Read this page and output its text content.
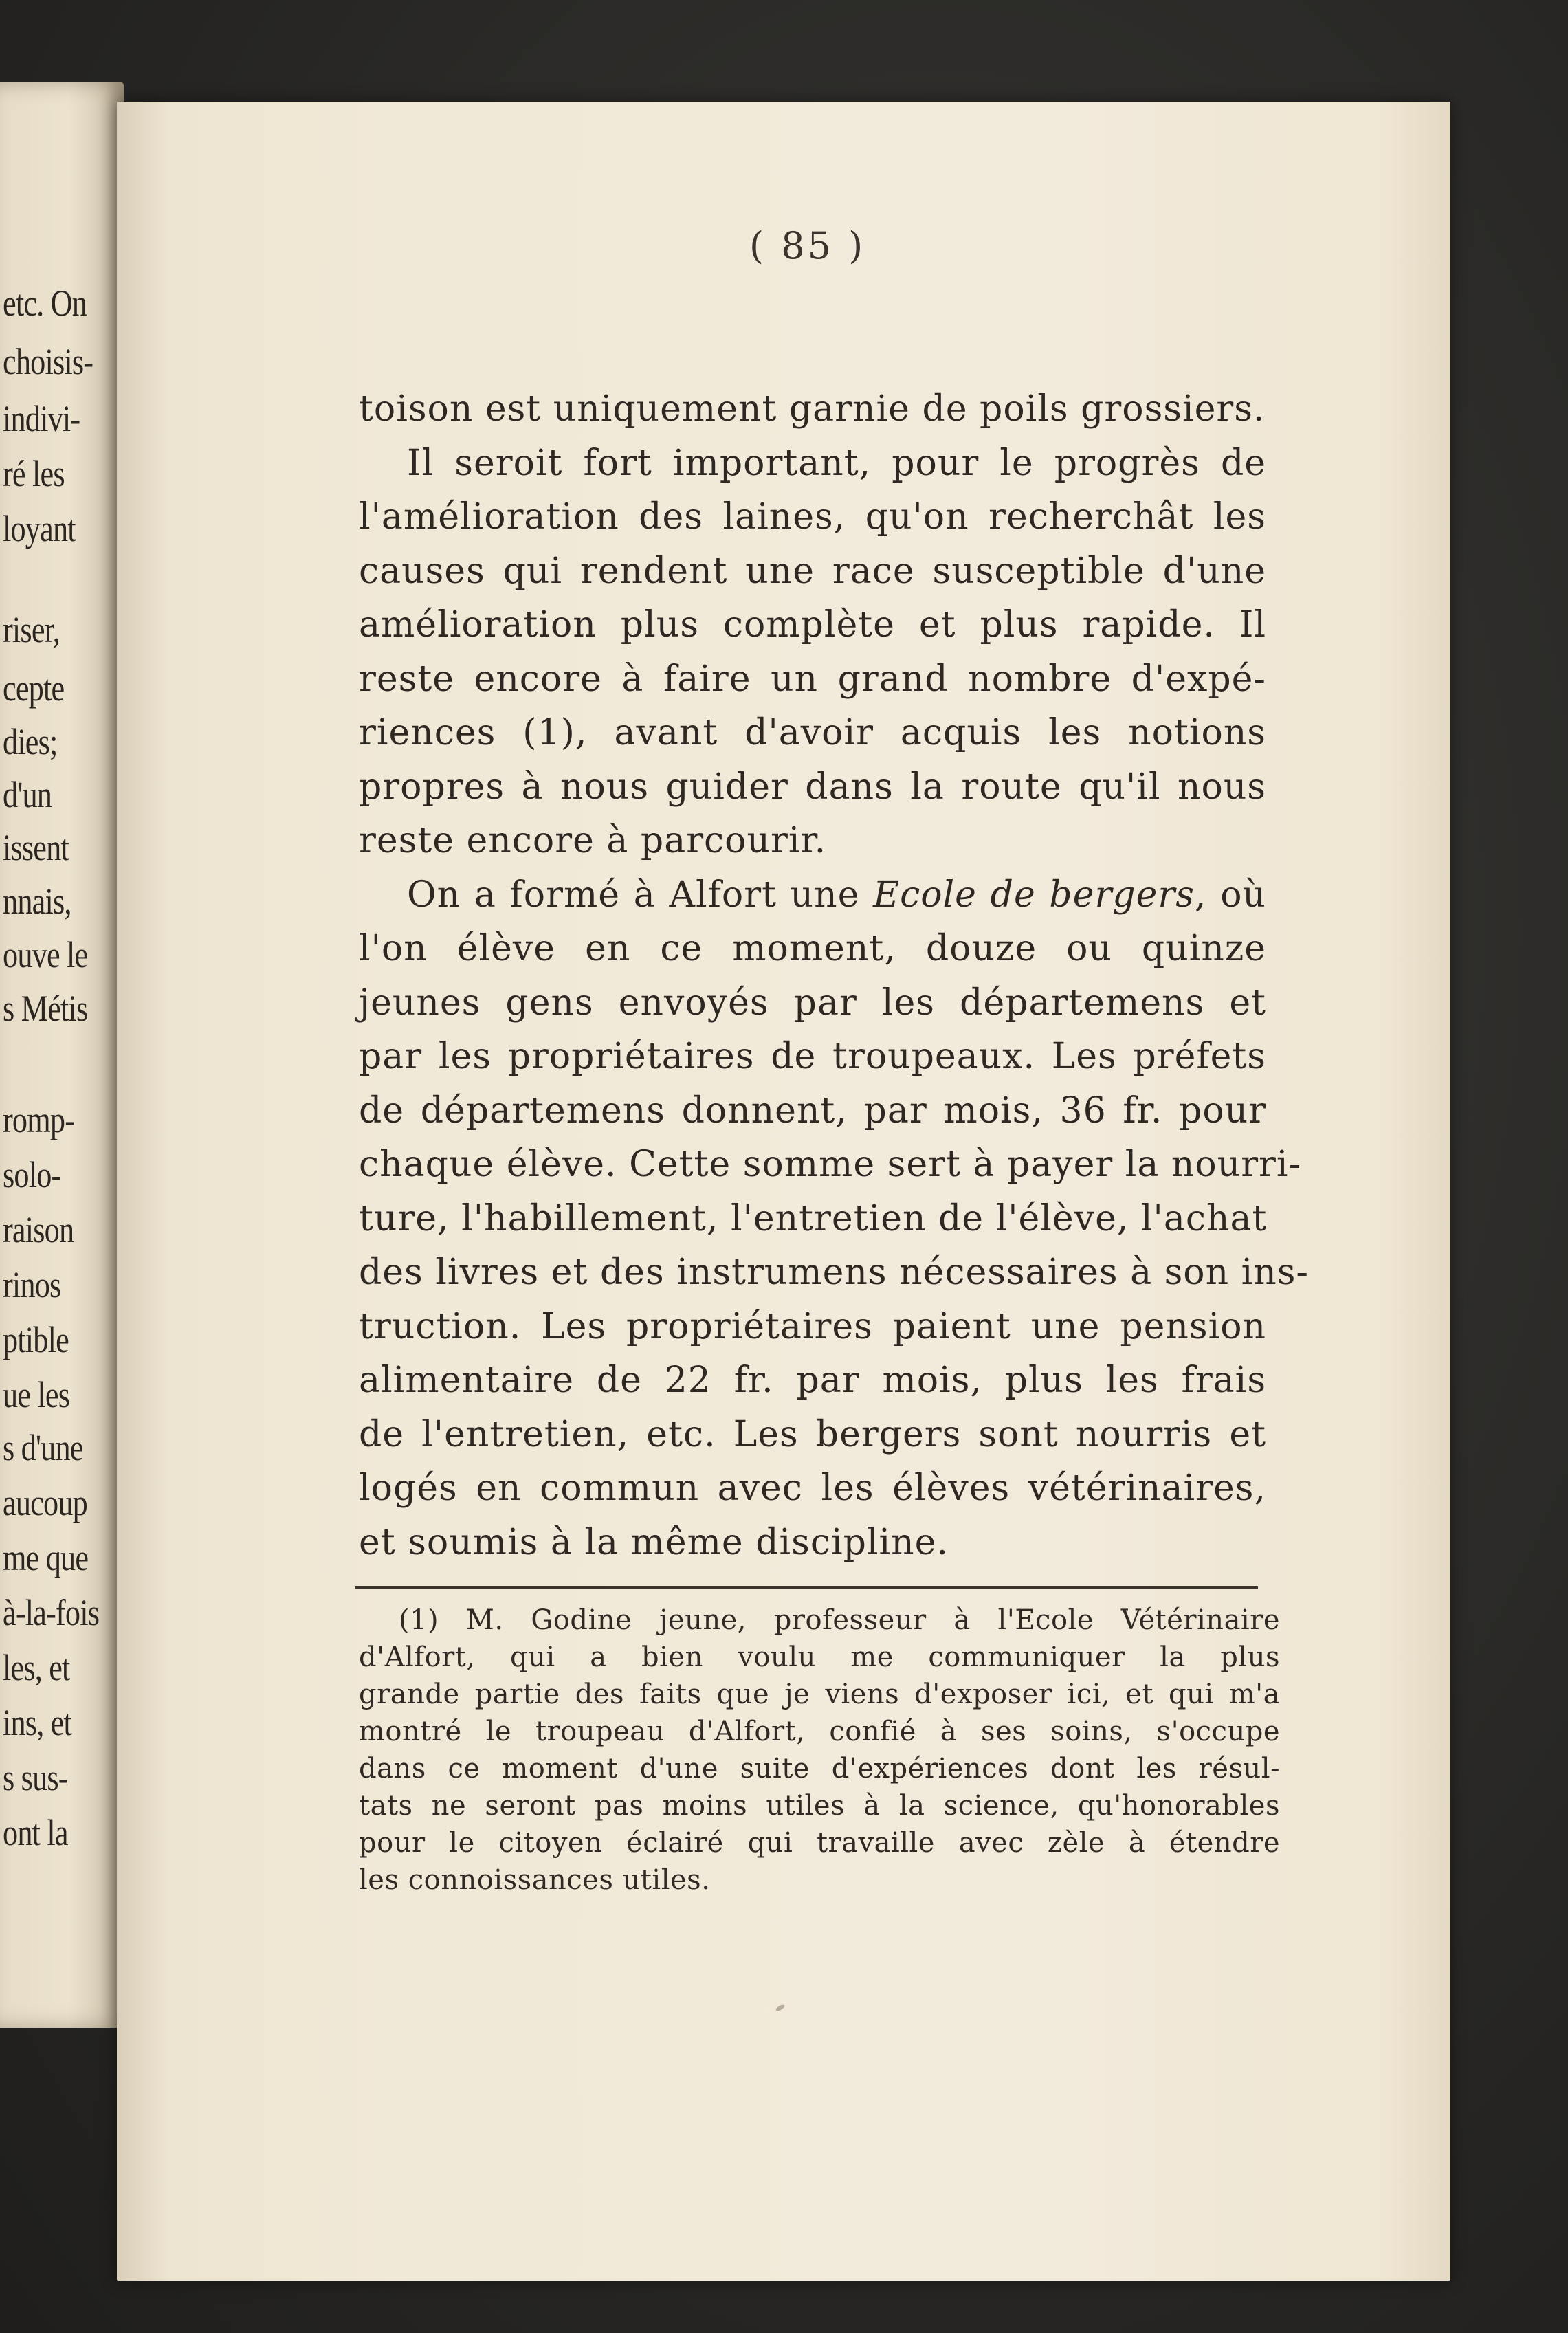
etc. On
choisis-
indivi-
ré les
loyant
riser,
cepte
dies;
d'un
issent
nnais,
ouve le
s Métis
romp-
solo-
raison
rinos
ptible
ue les
s d'une
aucoup
me que
à-la-fois
les, et
ins, et
s sus-
ont la
( 85 )
toison est uniquement garnie de poils grossiers.
Il seroit fort important, pour le progrès de
l'amélioration des laines, qu'on recherchât les
causes qui rendent une race susceptible d'une
amélioration plus complète et plus rapide. Il
reste encore à faire un grand nombre d'expé-
riences (1), avant d'avoir acquis les notions
propres à nous guider dans la route qu'il nous
reste encore à parcourir.
On a formé à Alfort une Ecole de bergers, où
l'on élève en ce moment, douze ou quinze
jeunes gens envoyés par les départemens et
par les propriétaires de troupeaux. Les préfets
de départemens donnent, par mois, 36 fr. pour
chaque élève. Cette somme sert à payer la nourri-
ture, l'habillement, l'entretien de l'élève, l'achat
des livres et des instrumens nécessaires à son ins-
truction. Les propriétaires paient une pension
alimentaire de 22 fr. par mois, plus les frais
de l'entretien, etc. Les bergers sont nourris et
logés en commun avec les élèves vétérinaires,
et soumis à la même discipline.
(1) M. Godine jeune, professeur à l'Ecole Vétérinaire
d'Alfort, qui a bien voulu me communiquer la plus
grande partie des faits que je viens d'exposer ici, et qui m'a
montré le troupeau d'Alfort, confié à ses soins, s'occupe
dans ce moment d'une suite d'expériences dont les résul-
tats ne seront pas moins utiles à la science, qu'honorables
pour le citoyen éclairé qui travaille avec zèle à étendre
les connoissances utiles.
